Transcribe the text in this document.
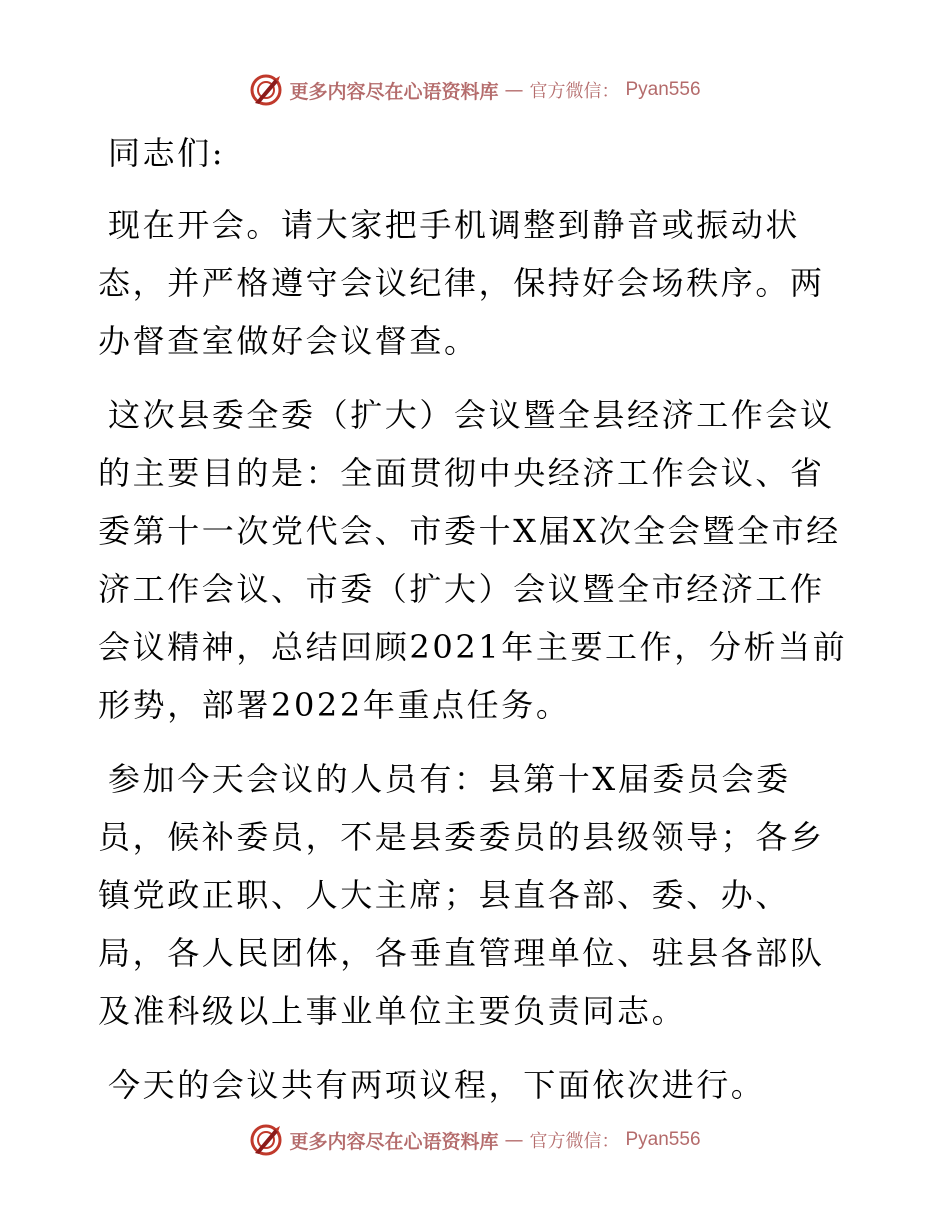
更多内容尽在心语资料库 — 官方微信： Pyan556

同志们:

现在开会。请大家把手机调整到静音或振动状态，并严格遵守会议纪律，保持好会场秩序。两办督查室做好会议督查。

这次县委全委（扩大）会议暨全县经济工作会议的主要目的是：全面贯彻中央经济工作会议、省委第十一次党代会、市委十X届X次全会暨全市经济工作会议、市委（扩大）会议暨全市经济工作会议精神，总结回顾2021年主要工作，分析当前形势，部署2022年重点任务。

参加今天会议的人员有：县第十X届委员会委员，候补委员，不是县委委员的县级领导；各乡镇党政正职、人大主席；县直各部、委、办、局，各人民团体，各垂直管理单位、驻县各部队及准科级以上事业单位主要负责同志。

今天的会议共有两项议程，下面依次进行。

更多内容尽在心语资料库 — 官方微信： Pyan556
